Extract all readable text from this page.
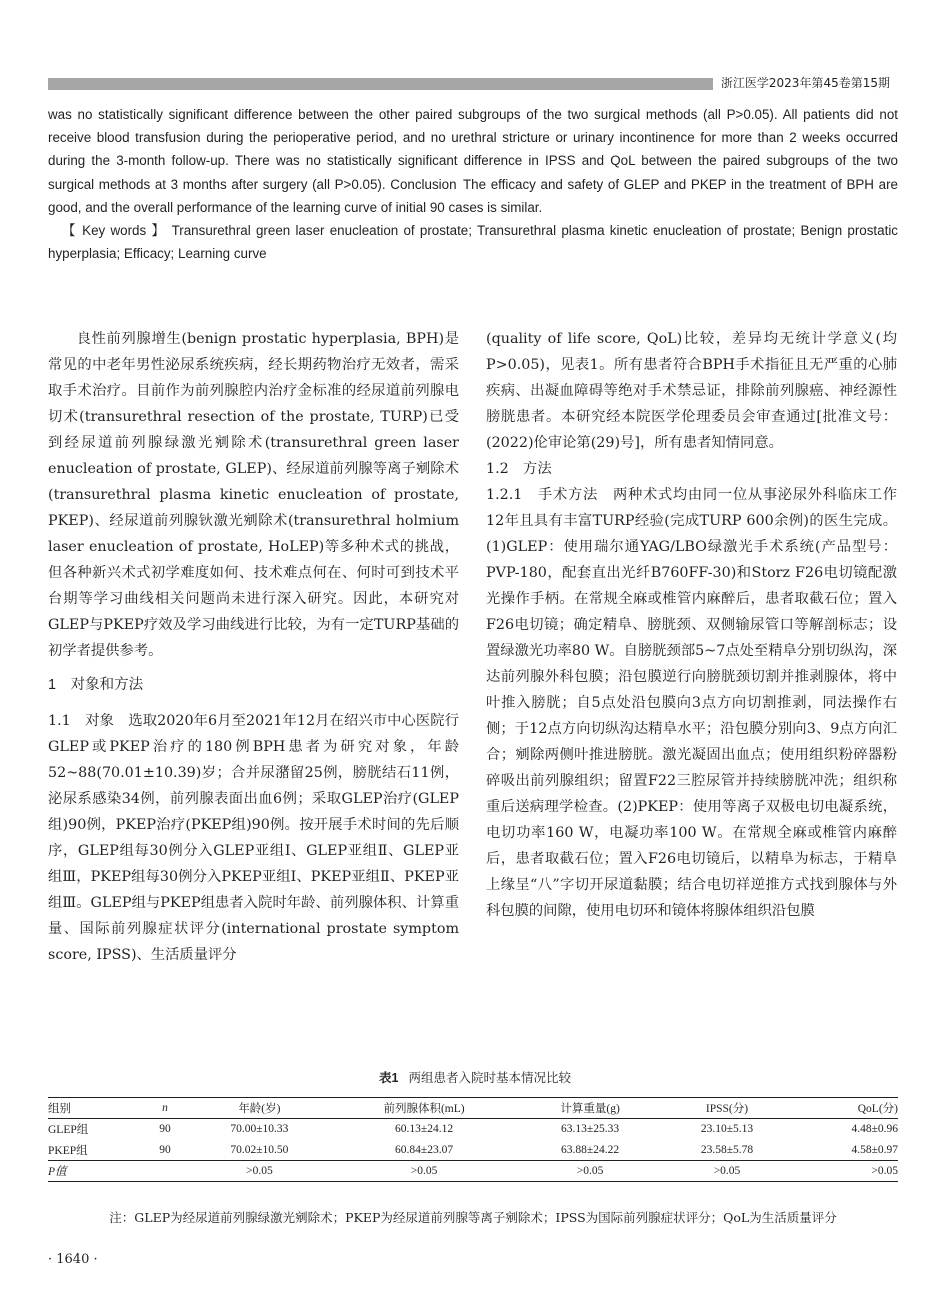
浙江医学2023年第45卷第15期

was no statistically significant difference between the other paired subgroups of the two surgical methods (all P>0.05). All patients did not receive blood transfusion during the perioperative period, and no urethral stricture or urinary incontinence for more than 2 weeks occurred during the 3-month follow-up. There was no statistically significant difference in IPSS and QoL between the paired subgroups of the two surgical methods at 3 months after surgery (all P>0.05). Conclusion The efficacy and safety of GLEP and PKEP in the treatment of BPH are good, and the overall performance of the learning curve of initial 90 cases is similar.

【 Key words 】 Transurethral green laser enucleation of prostate; Transurethral plasma kinetic enucleation of prostate; Benign prostatic hyperplasia; Efficacy; Learning curve

良性前列腺增生(benign prostatic hyperplasia, BPH)是常见的中老年男性泌尿系统疾病，经长期药物治疗无效者，需采取手术治疗。目前作为前列腺腔内治疗金标准的经尿道前列腺电切术(transurethral resection of the prostate, TURP)已受到经尿道前列腺绿激光剜除术(transurethral green laser enucleation of prostate, GLEP)、经尿道前列腺等离子剜除术(transurethral plasma kinetic enucleation of prostate, PKEP)、经尿道前列腺钬激光剜除术(transurethral holmium laser enucleation of prostate, HoLEP)等多种术式的挑战，但各种新兴术式初学难度如何、技术难点何在、何时可到技术平台期等学习曲线相关问题尚未进行深入研究。因此，本研究对GLEP与PKEP疗效及学习曲线进行比较，为有一定TURP基础的初学者提供参考。

1　对象和方法

1.1　对象　选取2020年6月至2021年12月在绍兴市中心医院行GLEP或PKEP治疗的180例BPH患者为研究对象，年龄52~88(70.01±10.39)岁；合并尿潴留25例，膀胱结石11例，泌尿系感染34例，前列腺表面出血6例；采取GLEP治疗(GLEP组)90例，PKEP治疗(PKEP组)90例。按开展手术时间的先后顺序，GLEP组每30例分入GLEP亚组Ⅰ、GLEP亚组Ⅱ、GLEP亚组Ⅲ，PKEP组每30例分入PKEP亚组Ⅰ、PKEP亚组Ⅱ、PKEP亚组Ⅲ。GLEP组与PKEP组患者入院时年龄、前列腺体积、计算重量、国际前列腺症状评分(international prostate symptom score, IPSS)、生活质量评分

(quality of life score, QoL)比较，差异均无统计学意义(均P>0.05)，见表1。所有患者符合BPH手术指征且无严重的心肺疾病、出凝血障碍等绝对手术禁忌证，排除前列腺癌、神经源性膀胱患者。本研究经本院医学伦理委员会审查通过[批准文号：(2022)伦审论第(29)号]，所有患者知情同意。

1.2　方法

1.2.1　手术方法　两种术式均由同一位从事泌尿外科临床工作12年且具有丰富TURP经验(完成TURP 600余例)的医生完成。(1)GLEP：使用瑞尔通YAG/LBO绿激光手术系统(产品型号：PVP-180，配套直出光纤B760FF-30)和Storz F26电切镜配激光操作手柄。在常规全麻或椎管内麻醉后，患者取截石位；置入F26电切镜；确定精阜、膀胱颈、双侧输尿管口等解剖标志；设置绿激光功率80 W。自膀胱颈部5~7点处至精阜分别切纵沟，深达前列腺外科包膜；沿包膜逆行向膀胱颈切割并推剥腺体，将中叶推入膀胱；自5点处沿包膜向3点方向切割推剥，同法操作右侧；于12点方向切纵沟达精阜水平；沿包膜分别向3、9点方向汇合；剜除两侧叶推进膀胱。激光凝固出血点；使用组织粉碎器粉碎吸出前列腺组织；留置F22三腔尿管并持续膀胱冲洗；组织称重后送病理学检查。(2)PKEP：使用等离子双极电切电凝系统，电切功率160 W，电凝功率100 W。在常规全麻或椎管内麻醉后，患者取截石位；置入F26电切镜后，以精阜为标志，于精阜上缘呈“八”字切开尿道黏膜；结合电切祥逆推方式找到腺体与外科包膜的间隙，使用电切环和镜体将腺体组织沿包膜

表1 两组患者入院时基本情况比较
组别	n	年龄(岁)	前列腺体积(mL)	计算重量(g)	IPSS(分)	QoL(分)
GLEP组	90	70.00±10.33	60.13±24.12	63.13±25.33	23.10±5.13	4.48±0.96
PKEP组	90	70.02±10.50	60.84±23.07	63.88±24.22	23.58±5.78	4.58±0.97
P值		>0.05	>0.05	>0.05	>0.05	>0.05
注：GLEP为经尿道前列腺绿激光剜除术；PKEP为经尿道前列腺等离子剜除术；IPSS为国际前列腺症状评分；QoL为生活质量评分
· 1640 ·
